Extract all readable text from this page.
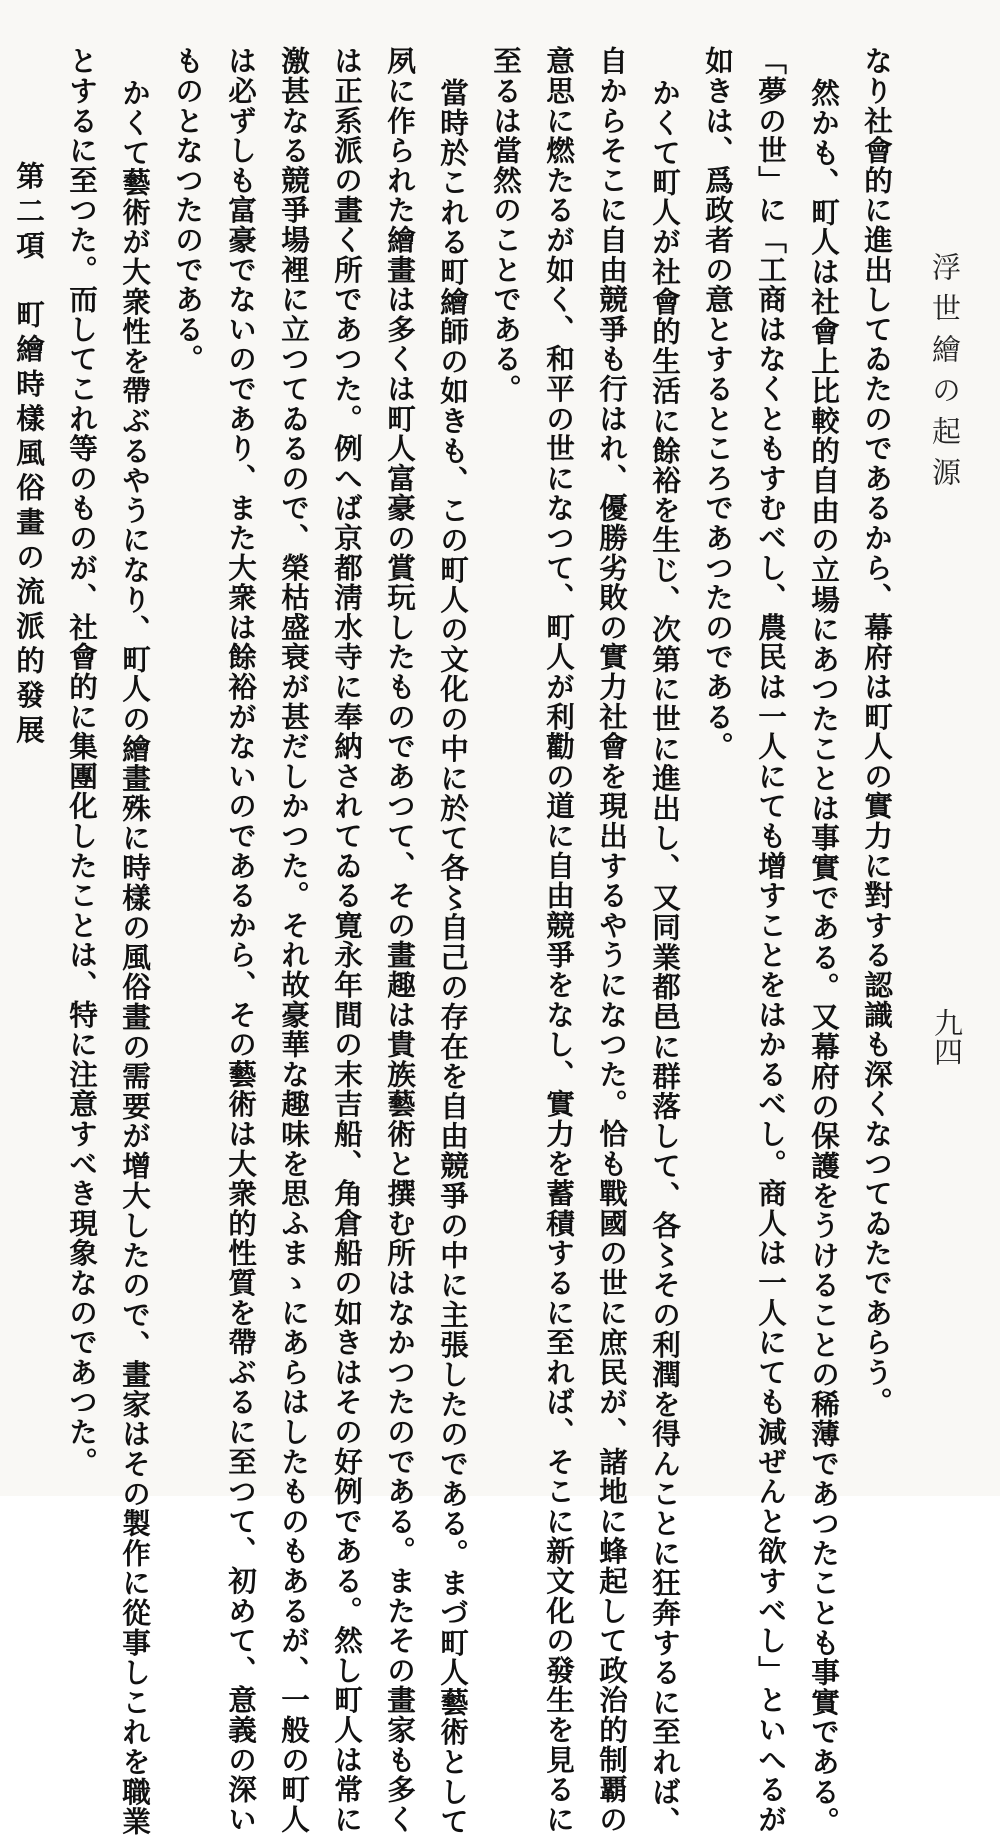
浮世繪の起源
九四
なり社會的に進出してゐたのであるから、幕府は町人の實力に對する認識も深くなつてゐたであらう。
然かも、町人は社會上比較的自由の立場にあつたことは事實である。又幕府の保護をうけることの稀薄であつたことも事實である。
「夢の世」に「工商はなくともすむべし、農民は一人にても增すことをはかるべし。商人は一人にても減ぜんと欲すべし」といへるが
如きは、爲政者の意とするところであつたのである。
かくて町人が社會的生活に餘裕を生じ、次第に世に進出し、又同業都邑に群落して、各〻その利潤を得んことに狂奔するに至れば、
自からそこに自由競爭も行はれ、優勝劣敗の實力社會を現出するやうになつた。恰も戰國の世に庶民が、諸地に蜂起して政治的制覇の
意思に燃たるが如く、和平の世になつて、町人が利勸の道に自由競爭をなし、實力を蓄積するに至れば、そこに新文化の發生を見るに
至るは當然のことである。
當時於これる町繪師の如きも、この町人の文化の中に於て各〻自己の存在を自由競爭の中に主張したのである。まづ町人藝術として
夙に作られた繪畫は多くは町人富豪の賞玩したものであつて、その畫趣は貴族藝術と撰む所はなかつたのである。またその畫家も多く
は正系派の畫く所であつた。例へば京都淸水寺に奉納されてゐる寛永年間の末吉船、角倉船の如きはその好例である。然し町人は常に
激甚なる競爭場裡に立つてゐるので、榮枯盛衰が甚だしかつた。それ故豪華な趣味を思ふまゝにあらはしたものもあるが、一般の町人
は必ずしも富豪でないのであり、また大衆は餘裕がないのであるから、その藝術は大衆的性質を帶ぶるに至つて、初めて、意義の深い
ものとなつたのである。
かくて藝術が大衆性を帶ぶるやうになり、町人の繪畫殊に時樣の風俗畫の需要が增大したので、畫家はその製作に從事しこれを職業
とするに至つた。而してこれ等のものが、社會的に集團化したことは、特に注意すべき現象なのであつた。
第二項　町繪時樣風俗畫の流派的發展
